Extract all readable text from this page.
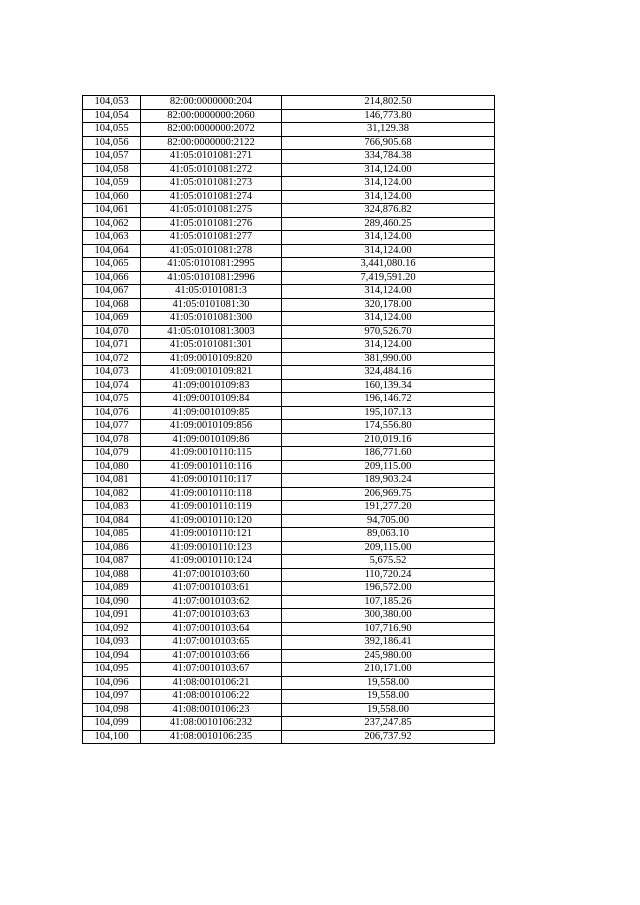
104,053	82:00:0000000:204	214,802.50
104,054	82:00:0000000:2060	146,773.80
104,055	82:00:0000000:2072	31,129.38
104,056	82:00:0000000:2122	766,905.68
104,057	41:05:0101081:271	334,784.38
104,058	41:05:0101081:272	314,124.00
104,059	41:05:0101081:273	314,124.00
104,060	41:05:0101081:274	314,124.00
104,061	41:05:0101081:275	324,876.82
104,062	41:05:0101081:276	289,460.25
104,063	41:05:0101081:277	314,124.00
104,064	41:05:0101081:278	314,124.00
104,065	41:05:0101081:2995	3,441,080.16
104,066	41:05:0101081:2996	7,419,591.20
104,067	41:05:0101081:3	314,124.00
104,068	41:05:0101081:30	320,178.00
104,069	41:05:0101081:300	314,124.00
104,070	41:05:0101081:3003	970,526.70
104,071	41:05:0101081:301	314,124.00
104,072	41:09:0010109:820	381,990.00
104,073	41:09:0010109:821	324,484.16
104,074	41:09:0010109:83	160,139.34
104,075	41:09:0010109:84	196,146.72
104,076	41:09:0010109:85	195,107.13
104,077	41:09:0010109:856	174,556.80
104,078	41:09:0010109:86	210,019.16
104,079	41:09:0010110:115	186,771.60
104,080	41:09:0010110:116	209,115.00
104,081	41:09:0010110:117	189,903.24
104,082	41:09:0010110:118	206,969.75
104,083	41:09:0010110:119	191,277.20
104,084	41:09:0010110:120	94,705.00
104,085	41:09:0010110:121	89,063.10
104,086	41:09:0010110:123	209,115.00
104,087	41:09:0010110:124	5,675.52
104,088	41:07:0010103:60	110,720.24
104,089	41:07:0010103:61	196,572.00
104,090	41:07:0010103:62	107,185.26
104,091	41:07:0010103:63	300,380.00
104,092	41:07:0010103:64	107,716.90
104,093	41:07:0010103:65	392,186.41
104,094	41:07:0010103:66	245,980.00
104,095	41:07:0010103:67	210,171.00
104,096	41:08:0010106:21	19,558.00
104,097	41:08:0010106:22	19,558.00
104,098	41:08:0010106:23	19,558.00
104,099	41:08:0010106:232	237,247.85
104,100	41:08:0010106:235	206,737.92
